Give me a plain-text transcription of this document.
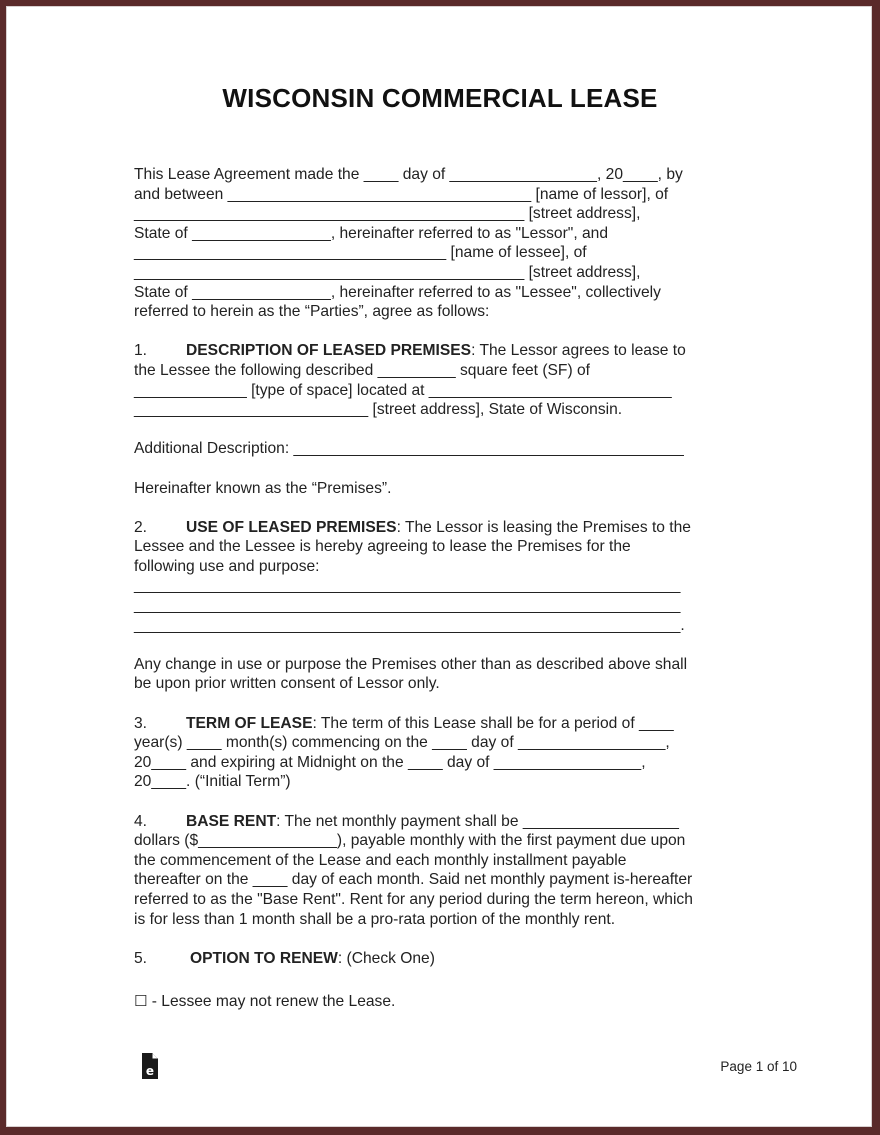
WISCONSIN COMMERCIAL LEASE
This Lease Agreement made the ____ day of _________________, 20____, by
and between ___________________________________ [name of lessor], of
_____________________________________________ [street address],
State of ________________, hereinafter referred to as "Lessor", and
____________________________________ [name of lessee], of
_____________________________________________ [street address],
State of ________________, hereinafter referred to as "Lessee", collectively
referred to herein as the “Parties”, agree as follows:
1. DESCRIPTION OF LEASED PREMISES: The Lessor agrees to lease to
the Lessee the following described _________ square feet (SF) of
_____________ [type of space] located at ____________________________
___________________________ [street address], State of Wisconsin.
Additional Description: _____________________________________________
Hereinafter known as the “Premises”.
2. USE OF LEASED PREMISES: The Lessor is leasing the Premises to the
Lessee and the Lessee is hereby agreeing to lease the Premises for the
following use and purpose:
_______________________________________________________________
_______________________________________________________________
_______________________________________________________________.
Any change in use or purpose the Premises other than as described above shall
be upon prior written consent of Lessor only.
3. TERM OF LEASE: The term of this Lease shall be for a period of ____
year(s) ____ month(s) commencing on the ____ day of _________________,
20____ and expiring at Midnight on the ____ day of _________________,
20____. (“Initial Term”)
4. BASE RENT: The net monthly payment shall be __________________
dollars ($________________), payable monthly with the first payment due upon
the commencement of the Lease and each monthly installment payable
thereafter on the ____ day of each month. Said net monthly payment is-hereafter
referred to as the "Base Rent". Rent for any period during the term hereon, which
is for less than 1 month shall be a pro-rata portion of the monthly rent.
5.	OPTION TO RENEW: (Check One)
☐ - Lessee may not renew the Lease.
e	Page 1 of 10
